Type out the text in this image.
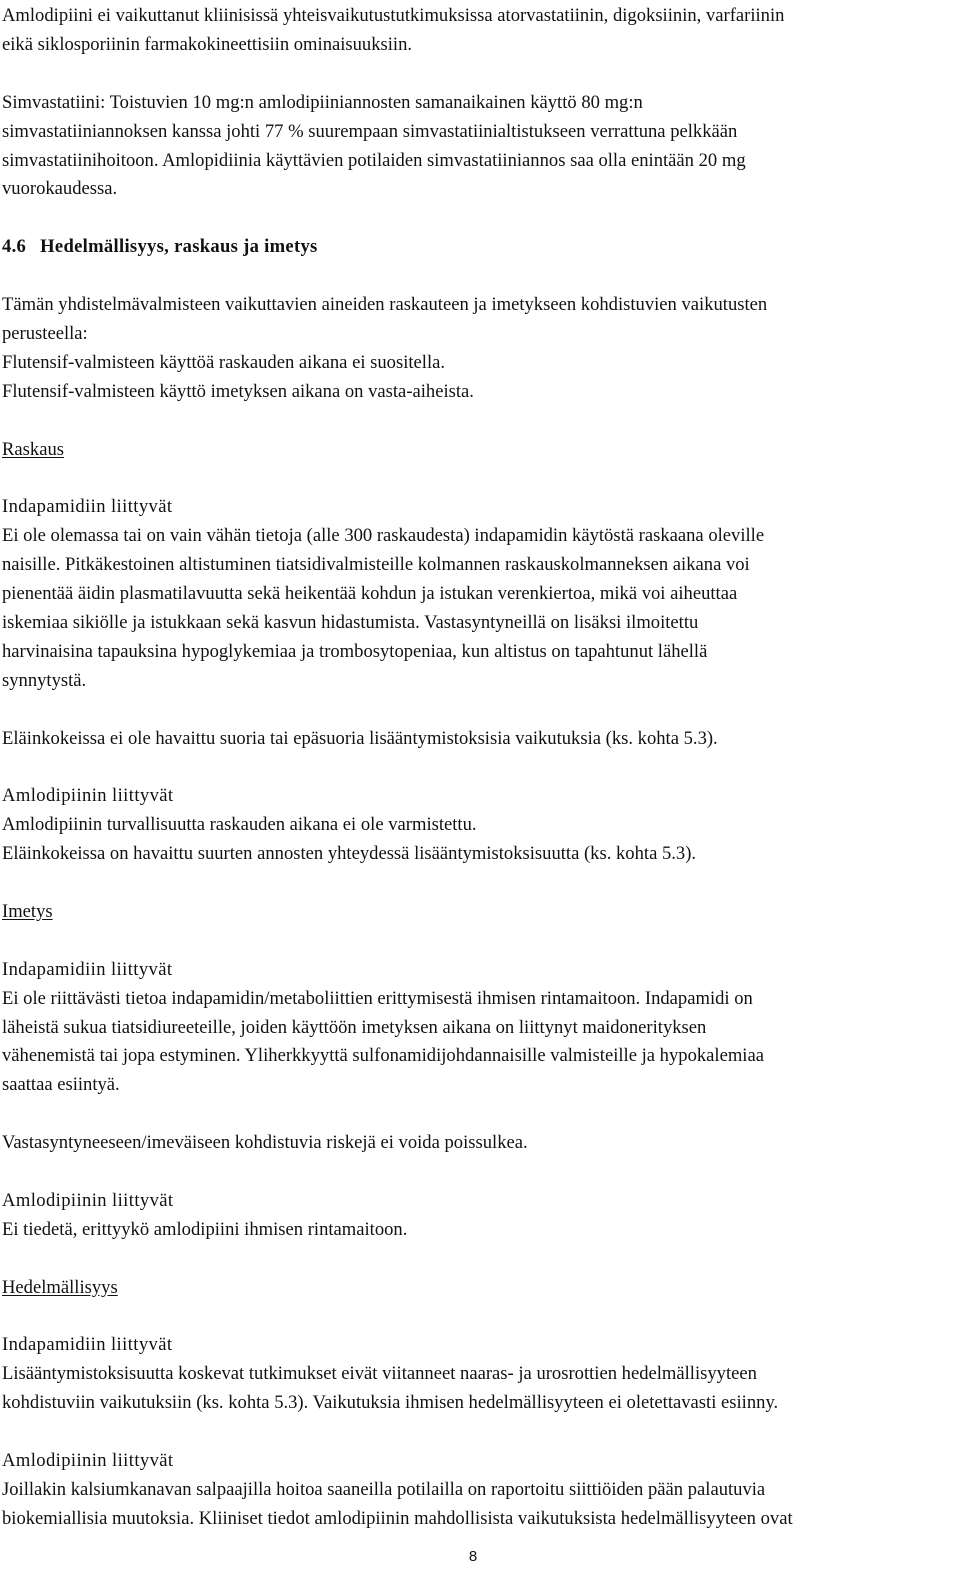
Amlodipiini ei vaikuttanut kliinisissä yhteisvaikutustutkimuksissa atorvastatiinin, digoksiinin, varfariinin
eikä siklosporiinin farmakokineettisiin ominaisuuksiin.

Simvastatiini: Toistuvien 10 mg:n amlodipiiniannosten samanaikainen käyttö 80 mg:n
simvastatiiniannoksen kanssa johti 77 % suurempaan simvastatiinialtistukseen verrattuna pelkkään
simvastatiinihoitoon. Amlopidiinia käyttävien potilaiden simvastatiiniannos saa olla enintään 20 mg
vuorokaudessa.

4.6 Hedelmällisyys, raskaus ja imetys

Tämän yhdistelmävalmisteen vaikuttavien aineiden raskauteen ja imetykseen kohdistuvien vaikutusten
perusteella:
Flutensif-valmisteen käyttöä raskauden aikana ei suositella.
Flutensif-valmisteen käyttö imetyksen aikana on vasta-aiheista.

Raskaus

Indapamidiin liittyvät

Ei ole olemassa tai on vain vähän tietoja (alle 300 raskaudesta) indapamidin käytöstä raskaana oleville
naisille. Pitkäkestoinen altistuminen tiatsidivalmisteille kolmannen raskauskolmanneksen aikana voi
pienentää äidin plasmatilavuutta sekä heikentää kohdun ja istukan verenkiertoa, mikä voi aiheuttaa
iskemiaa sikiölle ja istukkaan sekä kasvun hidastumista. Vastasyntyneillä on lisäksi ilmoitettu
harvinaisina tapauksina hypoglykemiaa ja trombosytopeniaa, kun altistus on tapahtunut lähellä
synnytystä.

Eläinkokeissa ei ole havaittu suoria tai epäsuoria lisääntymistoksisia vaikutuksia (ks. kohta 5.3).

Amlodipiinin liittyvät

Amlodipiinin turvallisuutta raskauden aikana ei ole varmistettu.
Eläinkokeissa on havaittu suurten annosten yhteydessä lisääntymistoksisuutta (ks. kohta 5.3).

Imetys

Indapamidiin liittyvät

Ei ole riittävästi tietoa indapamidin/metaboliittien erittymisestä ihmisen rintamaitoon. Indapamidi on
läheistä sukua tiatsidiureeteille, joiden käyttöön imetyksen aikana on liittynyt maidonerityksen
vähenemistä tai jopa estyminen. Yliherkkyyttä sulfonamidijohdannaisille valmisteille ja hypokalemiaa
saattaa esiintyä.

Vastasyntyneeseen/imeväiseen kohdistuvia riskejä ei voida poissulkea.

Amlodipiinin liittyvät

Ei tiedetä, erittyykö amlodipiini ihmisen rintamaitoon.

Hedelmällisyys

Indapamidiin liittyvät

Lisääntymistoksisuutta koskevat tutkimukset eivät viitanneet naaras- ja urosrottien hedelmällisyyteen
kohdistuviin vaikutuksiin (ks. kohta 5.3). Vaikutuksia ihmisen hedelmällisyyteen ei oletettavasti esiinny.

Amlodipiinin liittyvät

Joillakin kalsiumkanavan salpaajilla hoitoa saaneilla potilailla on raportoitu siittiöiden pään palautuvia
biokemiallisia muutoksia. Kliiniset tiedot amlodipiinin mahdollisista vaikutuksista hedelmällisyyteen ovat

8
